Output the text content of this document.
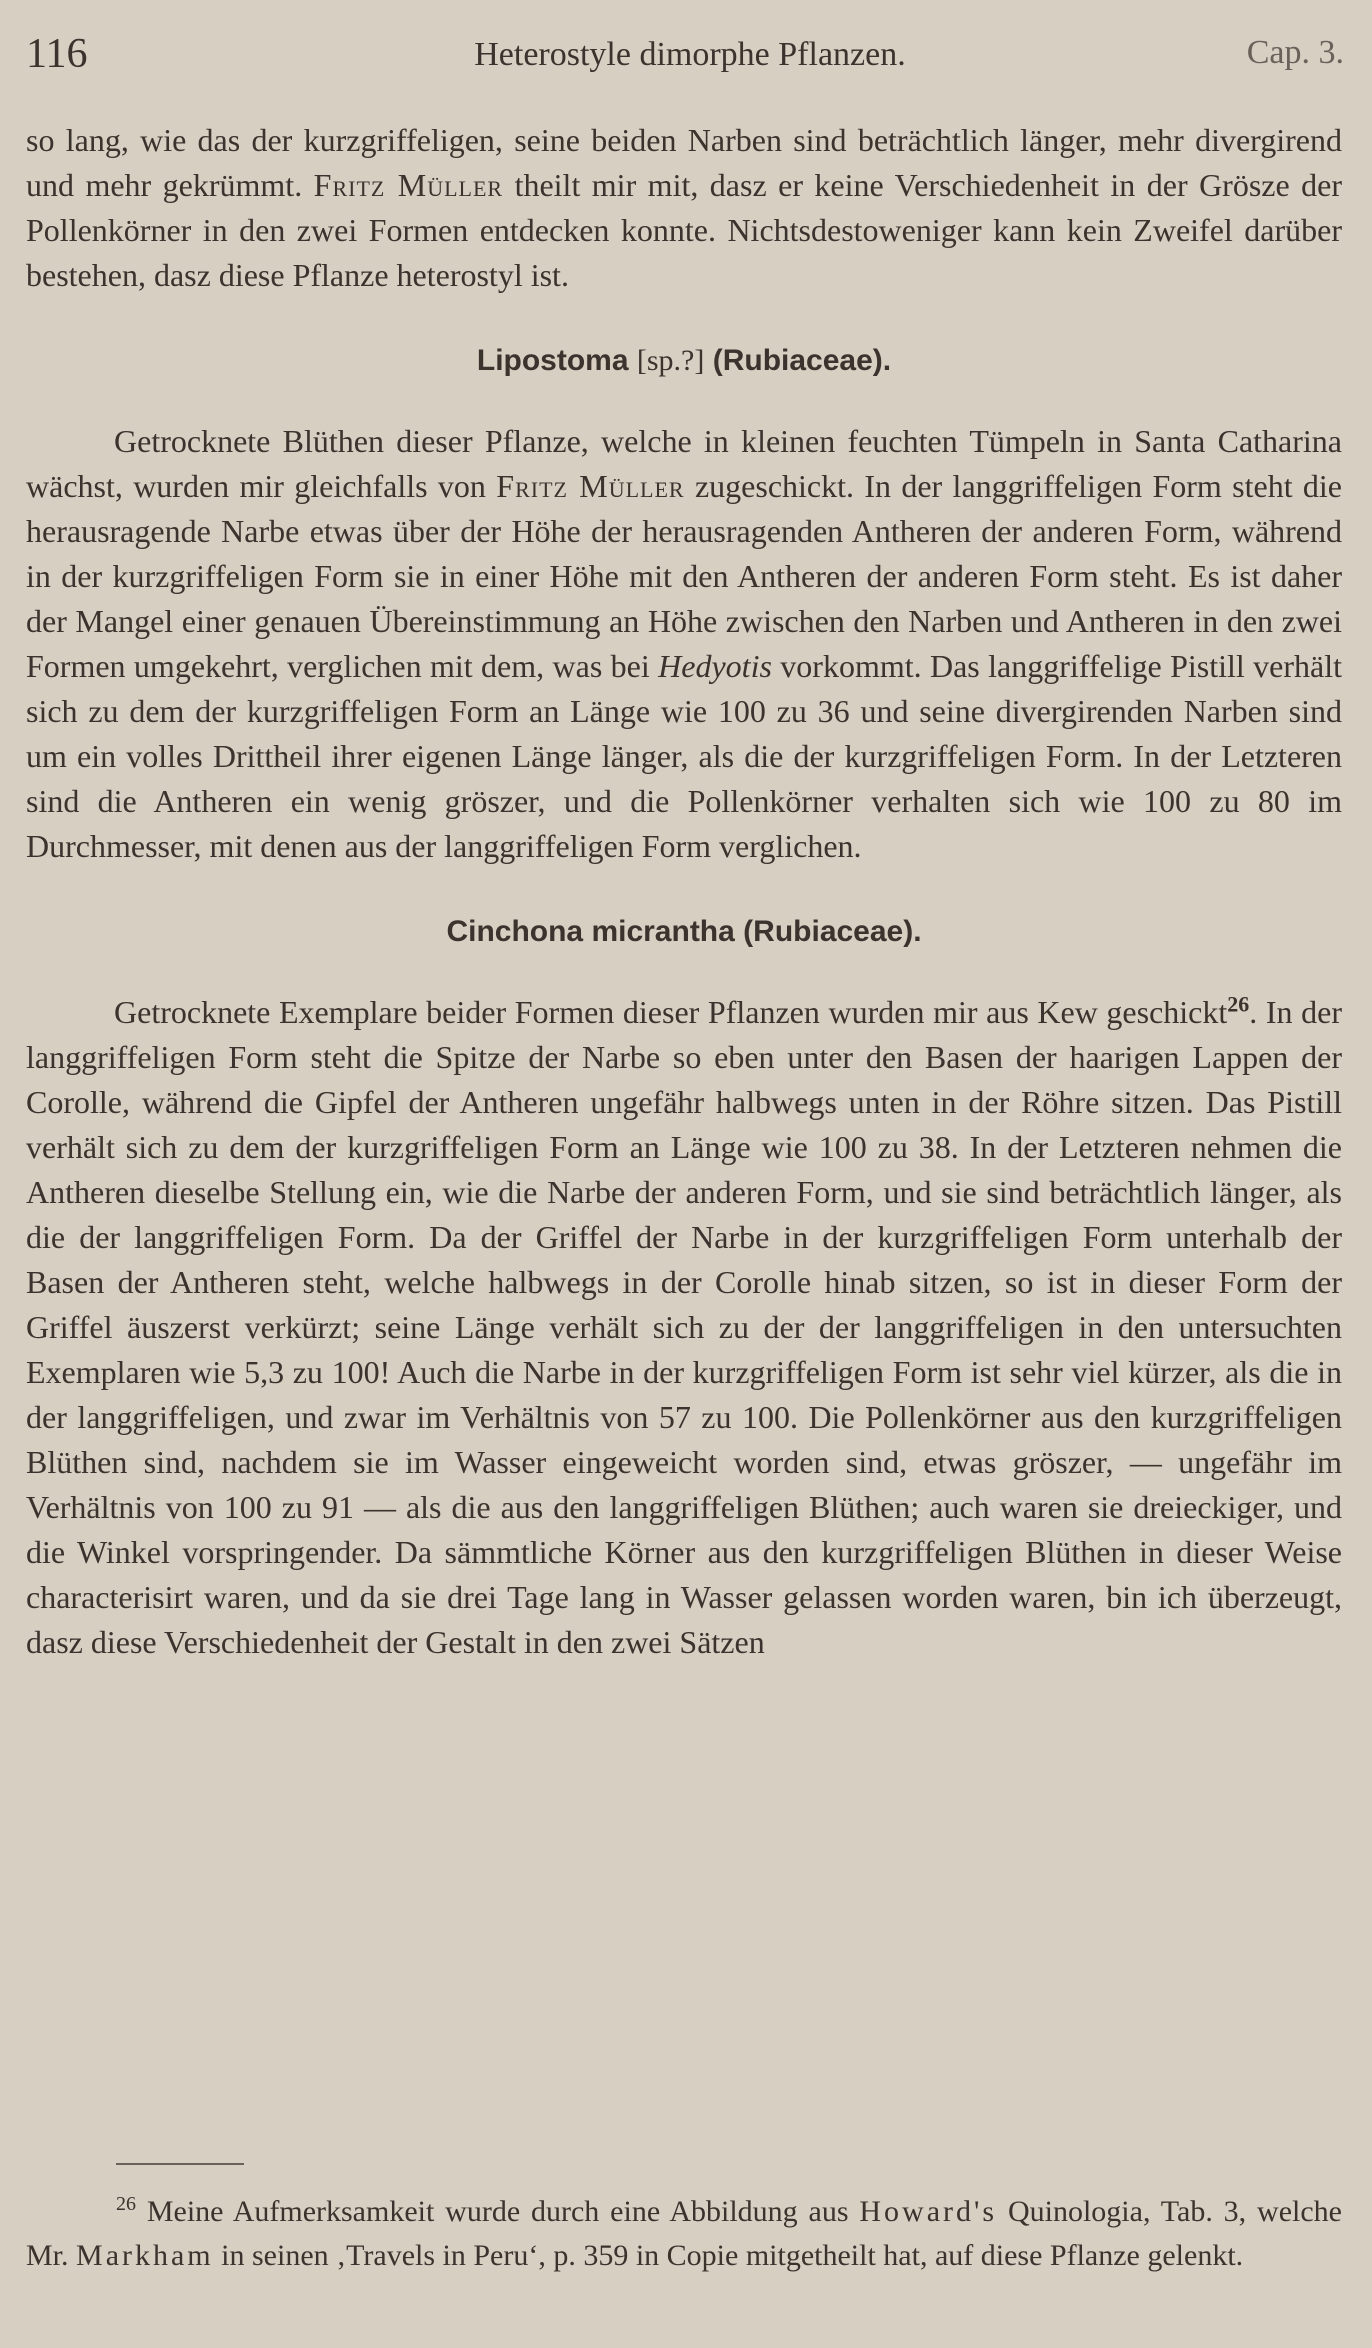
116	Heterostyle dimorphe Pflanzen.	Cap. 3.

so lang, wie das der kurzgriffeligen, seine beiden Narben sind beträchtlich länger, mehr divergirend und mehr gekrümmt. Fritz Müller theilt mir mit, dasz er keine Verschiedenheit in der Grösze der Pollenkörner in den zwei Formen entdecken konnte. Nichtsdestoweniger kann kein Zweifel darüber bestehen, dasz diese Pflanze heterostyl ist.

Lipostoma [sp.?] (Rubiaceae).

Getrocknete Blüthen dieser Pflanze, welche in kleinen feuchten Tümpeln in Santa Catharina wächst, wurden mir gleichfalls von Fritz Müller zugeschickt. In der langgriffeligen Form steht die herausragende Narbe etwas über der Höhe der herausragenden Antheren der anderen Form, während in der kurzgriffeligen Form sie in einer Höhe mit den Antheren der anderen Form steht. Es ist daher der Mangel einer genauen Übereinstimmung an Höhe zwischen den Narben und Antheren in den zwei Formen umgekehrt, verglichen mit dem, was bei Hedyotis vorkommt. Das langgriffelige Pistill verhält sich zu dem der kurzgriffeligen Form an Länge wie 100 zu 36 und seine divergirenden Narben sind um ein volles Drittheil ihrer eigenen Länge länger, als die der kurzgriffeligen Form. In der Letzteren sind die Antheren ein wenig gröszer, und die Pollenkörner verhalten sich wie 100 zu 80 im Durchmesser, mit denen aus der langgriffeligen Form verglichen.

Cinchona micrantha (Rubiaceae).

Getrocknete Exemplare beider Formen dieser Pflanzen wurden mir aus Kew geschickt$^{26}$. In der langgriffeligen Form steht die Spitze der Narbe so eben unter den Basen der haarigen Lappen der Corolle, während die Gipfel der Antheren ungefähr halbwegs unten in der Röhre sitzen. Das Pistill verhält sich zu dem der kurzgriffeligen Form an Länge wie 100 zu 38. In der Letzteren nehmen die Antheren dieselbe Stellung ein, wie die Narbe der anderen Form, und sie sind beträchtlich länger, als die der langgriffeligen Form. Da der Griffel der Narbe in der kurzgriffeligen Form unterhalb der Basen der Antheren steht, welche halbwegs in der Corolle hinab sitzen, so ist in dieser Form der Griffel äuszerst verkürzt; seine Länge verhält sich zu der der langgriffeligen in den untersuchten Exemplaren wie 5,3 zu 100! Auch die Narbe in der kurzgriffeligen Form ist sehr viel kürzer, als die in der langgriffeligen, und zwar im Verhältnis von 57 zu 100. Die Pollenkörner aus den kurzgriffeligen Blüthen sind, nachdem sie im Wasser eingeweicht worden sind, etwas gröszer, — ungefähr im Verhältnis von 100 zu 91 — als die aus den langgriffeligen Blüthen; auch waren sie dreieckiger, und die Winkel vorspringender. Da sämmtliche Körner aus den kurzgriffeligen Blüthen in dieser Weise characterisirt waren, und da sie drei Tage lang in Wasser gelassen worden waren, bin ich überzeugt, dasz diese Verschiedenheit der Gestalt in den zwei Sätzen

$^{26}$ Meine Aufmerksamkeit wurde durch eine Abbildung aus Howard's Quinologia, Tab. 3, welche Mr. Markham in seinen ‚Travels in Peru‘, p. 359 in Copie mitgetheilt hat, auf diese Pflanze gelenkt.
